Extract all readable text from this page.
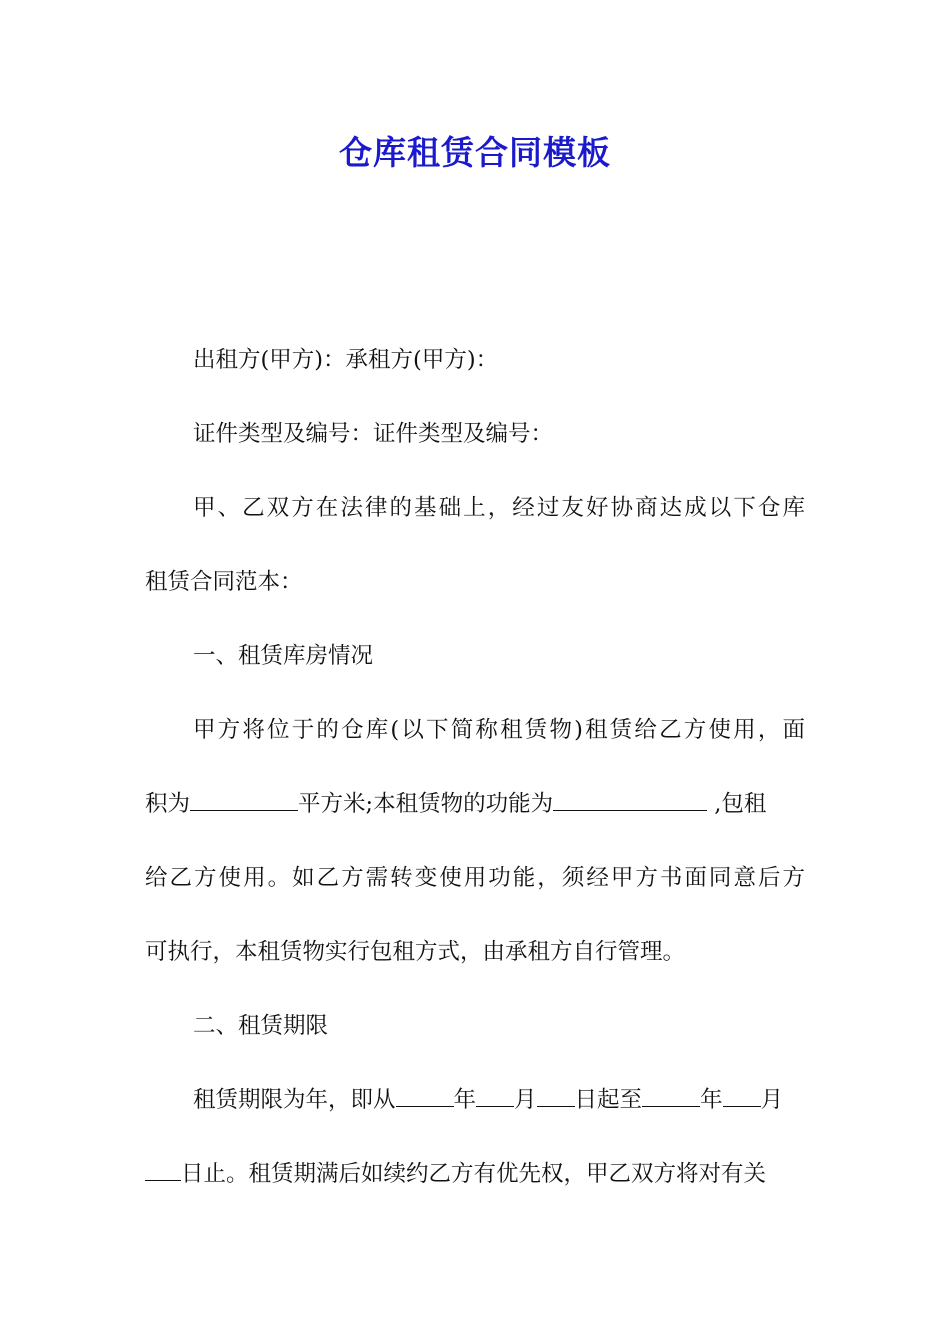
仓库租赁合同模板
出租方(甲方)：承租方(甲方)：
证件类型及编号：证件类型及编号：
甲、乙双方在法律的基础上，经过友好协商达成以下仓库
租赁合同范本：
一、租赁库房情况
甲方将位于的仓库(以下简称租赁物)租赁给乙方使用，面
积为	平方米;本租赁物的功能为	,包租
给乙方使用。如乙方需转变使用功能，须经甲方书面同意后方
可执行，本租赁物实行包租方式，由承租方自行管理。
二、租赁期限
租赁期限为年，即从	年 月 日起至	年 月
日止。租赁期满后如续约乙方有优先权，甲乙双方将对有关
